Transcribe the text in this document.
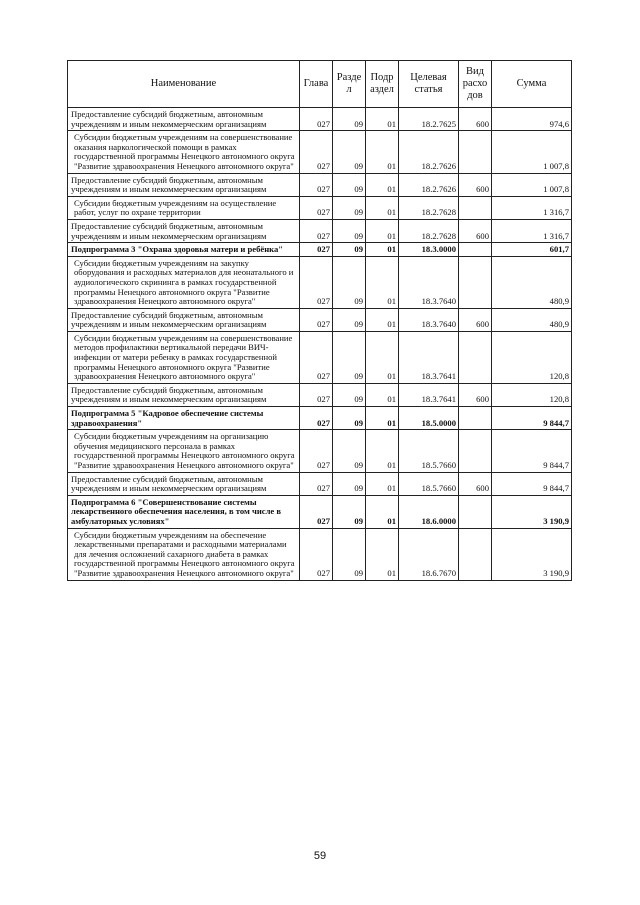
Наименование	Глава	Разде л	Подр аздел	Целевая статья	Вид расхо дов	Сумма
Предоставление субсидий бюджетным, автономным учреждениям и иным некоммерческим организациям	027	09	01	18.2.7625	600	974,6
Субсидии бюджетным учреждениям на совершенствование оказания наркологической помощи в рамках государственной программы Ненецкого автономного округа "Развитие здравоохранения Ненецкого автономного округа"	027	09	01	18.2.7626		1 007,8
Предоставление субсидий бюджетным, автономным учреждениям и иным некоммерческим организациям	027	09	01	18.2.7626	600	1 007,8
Субсидии бюджетным учреждениям на осуществление работ, услуг по охране территории	027	09	01	18.2.7628		1 316,7
Предоставление субсидий бюджетным, автономным учреждениям и иным некоммерческим организациям	027	09	01	18.2.7628	600	1 316,7
Подпрограмма 3 "Охрана здоровья матери и ребёнка"	027	09	01	18.3.0000		601,7
Субсидии бюджетным учреждениям на закупку оборудования и расходных материалов для неонатального и аудиологического скрининга в рамках государственной программы Ненецкого автономного округа "Развитие здравоохранения Ненецкого автономного округа"	027	09	01	18.3.7640		480,9
Предоставление субсидий бюджетным, автономным учреждениям и иным некоммерческим организациям	027	09	01	18.3.7640	600	480,9
Субсидии бюджетным учреждениям на совершенствование методов профилактики вертикальной передачи ВИЧ-инфекции от матери ребенку в рамках государственной программы Ненецкого автономного округа "Развитие здравоохранения Ненецкого автономного округа"	027	09	01	18.3.7641		120,8
Предоставление субсидий бюджетным, автономным учреждениям и иным некоммерческим организациям	027	09	01	18.3.7641	600	120,8
Подпрограмма 5 "Кадровое обеспечение системы здравоохранения"	027	09	01	18.5.0000		9 844,7
Субсидии бюджетным учреждениям на организацию обучения медицинского персонала в рамках государственной программы Ненецкого автономного округа "Развитие здравоохранения Ненецкого автономного округа"	027	09	01	18.5.7660		9 844,7
Предоставление субсидий бюджетным, автономным учреждениям и иным некоммерческим организациям	027	09	01	18.5.7660	600	9 844,7
Подпрограмма 6 "Совершенствование системы лекарственного обеспечения населения, в том числе в амбулаторных условиях"	027	09	01	18.6.0000		3 190,9
Субсидии бюджетным учреждениям на обеспечение лекарственными препаратами и расходными материалами для лечения осложнений сахарного диабета в рамках государственной программы Ненецкого автономного округа "Развитие здравоохранения Ненецкого автономного округа"	027	09	01	18.6.7670		3 190,9
59
